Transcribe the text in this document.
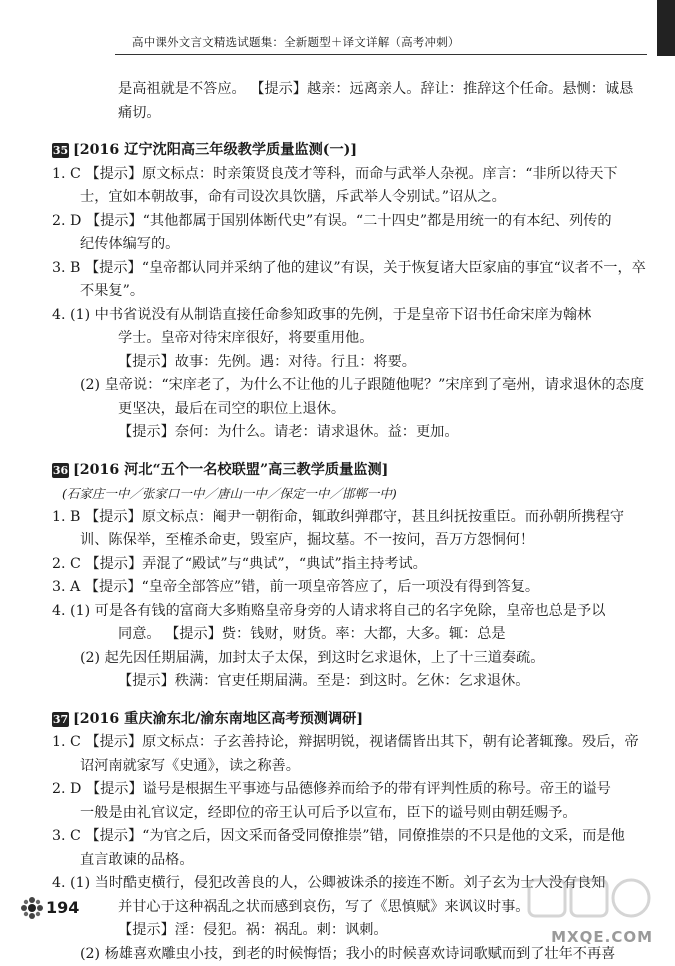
高中课外文言文精选试题集：全新题型＋译文详解（高考冲刺）
是高祖就是不答应。 【提示】越亲：远离亲人。辞让：推辞这个任命。悬恻：诚恳
痛切。
35 [2016 辽宁沈阳高三年级教学质量监测(一)]
1. C 【提示】原文标点：时亲策贤良茂才等科，而命与武举人杂视。庠言：“非所以待天下
士，宜如本朝故事，命有司设次具饮膳，斥武举人令别试。”诏从之。
2. D 【提示】“其他都属于国别体断代史”有误。“二十四史”都是用统一的有本纪、列传的
纪传体编写的。
3. B 【提示】“皇帝都认同并采纳了他的建议”有误，关于恢复诸大臣家庙的事宜“议者不一，卒
不果复”。
4. (1) 中书省说没有从制诰直接任命参知政事的先例，于是皇帝下诏书任命宋庠为翰林
学士。皇帝对待宋庠很好，将要重用他。
【提示】故事：先例。遇：对待。行且：将要。
(2) 皇帝说：“宋庠老了，为什么不让他的儿子跟随他呢？”宋庠到了亳州，请求退休的态度
更坚决，最后在司空的职位上退休。
【提示】奈何：为什么。请老：请求退休。益：更加。
36 [2016 河北“五个一名校联盟”高三教学质量监测]
(石家庄一中／张家口一中／唐山一中／保定一中／邯郸一中)
1. B 【提示】原文标点：阉尹一朝衔命，辄敢纠弹郡守，甚且纠抚按重臣。而孙朝所携程守
训、陈保举，至榷杀命吏，毁室庐，掘坟墓。不一按问，吾万方怨恫何！
2. C 【提示】弄混了“殿试”与“典试”，“典试”指主持考试。
3. A 【提示】“皇帝全部答应”错，前一项皇帝答应了，后一项没有得到答复。
4. (1) 可是各有钱的富商大多贿赂皇帝身旁的人请求将自己的名字免除，皇帝也总是予以
同意。 【提示】赀：钱财，财货。率：大都，大多。辄：总是
(2) 起先因任期届满，加封太子太保，到这时乞求退休，上了十三道奏疏。
【提示】秩满：官吏任期届满。至是：到这时。乞休：乞求退休。
37 [2016 重庆渝东北/渝东南地区高考预测调研]
1. C 【提示】原文标点：子玄善持论，辩据明锐，视诸儒皆出其下，朝有论著辄豫。殁后，帝
诏河南就家写《史通》，读之称善。
2. D 【提示】谥号是根据生平事迹与品德修养而给予的带有评判性质的称号。帝王的谥号
一般是由礼官议定，经即位的帝王认可后予以宣布，臣下的谥号则由朝廷赐予。
3. C 【提示】“为官之后，因文采而备受同僚推崇”错，同僚推崇的不只是他的文采，而是他
直言敢谏的品格。
4. (1) 当时酷吏横行，侵犯改善良的人，公卿被诛杀的接连不断。刘子玄为士人没有良知
并甘心于这种祸乱之状而感到哀伤，写了《思慎赋》来讽议时事。
【提示】淫：侵犯。祸：祸乱。刺：讽刺。
(2) 杨雄喜欢雕虫小技，到老的时候悔悟；我小的时候喜欢诗词歌赋而到了壮年不再喜
194
MXQE.COM
